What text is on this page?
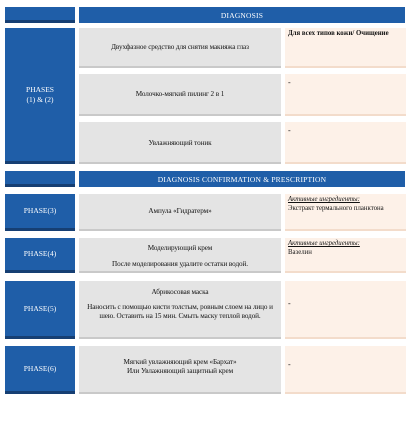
DIAGNOSIS
PHASES
(1) & (2)
Двухфазное средство для снятия макияжа глаз
Для всех типов кожи/ Очищение
Молочко-мягкий пилинг 2 в 1
-
Увлажняющий тоник
-
DIAGNOSIS CONFIRMATION & PRESCRIPTION
PHASE(3)	Ампула «Гидратерм»
Активные ингредиенты:
Экстракт термального планктона
PHASE(4)
Моделирующий крем
После моделирования удалите остатки водой.
Активные ингредиенты:
Вазелин
PHASE(5)
Абрикосовая маска
Наносить с помощью кисти толстым, ровным слоем на лицо и шею. Оставить на 15 мин. Смыть маску теплой водой.
-
PHASE(6)
Мягкий увлажняющий крем «Бархат»
Или Увлажняющий защитный крем
-
